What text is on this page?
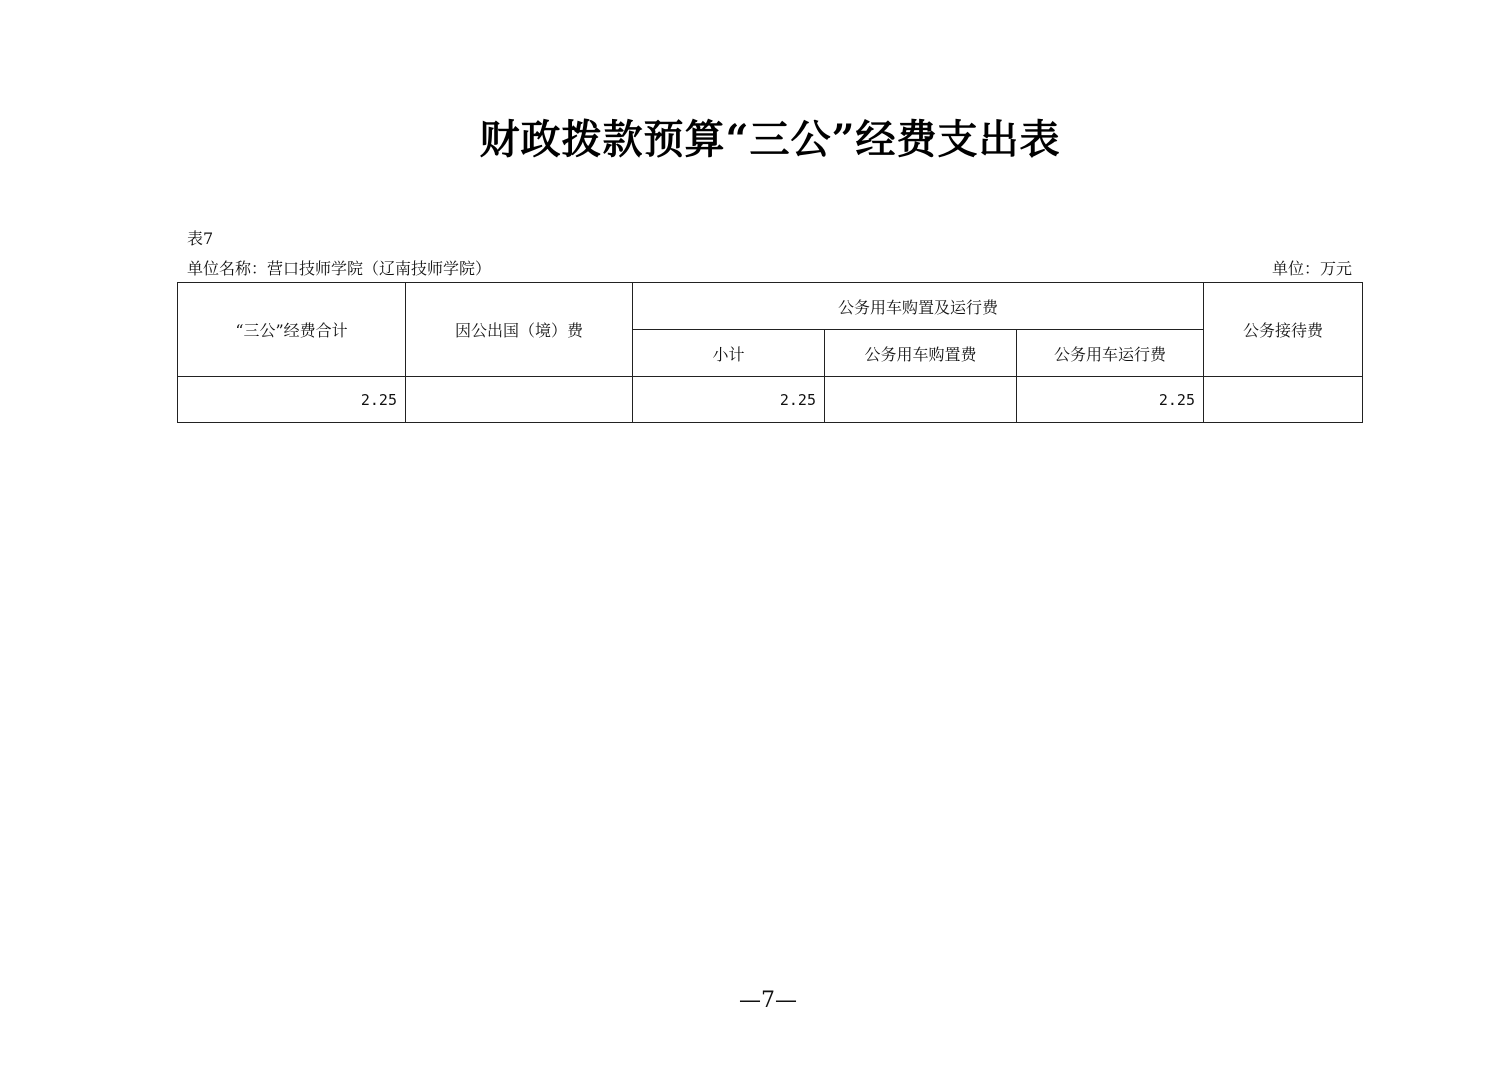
财政拨款预算“三公”经费支出表
表7
单位名称：营口技师学院（辽南技师学院）	单位：万元
“三公”经费合计	因公出国（境）费	公务用车购置及运行费			公务接待费
		小计	公务用车购置费	公务用车运行费	
2.25		2.25		2.25	
—7—
